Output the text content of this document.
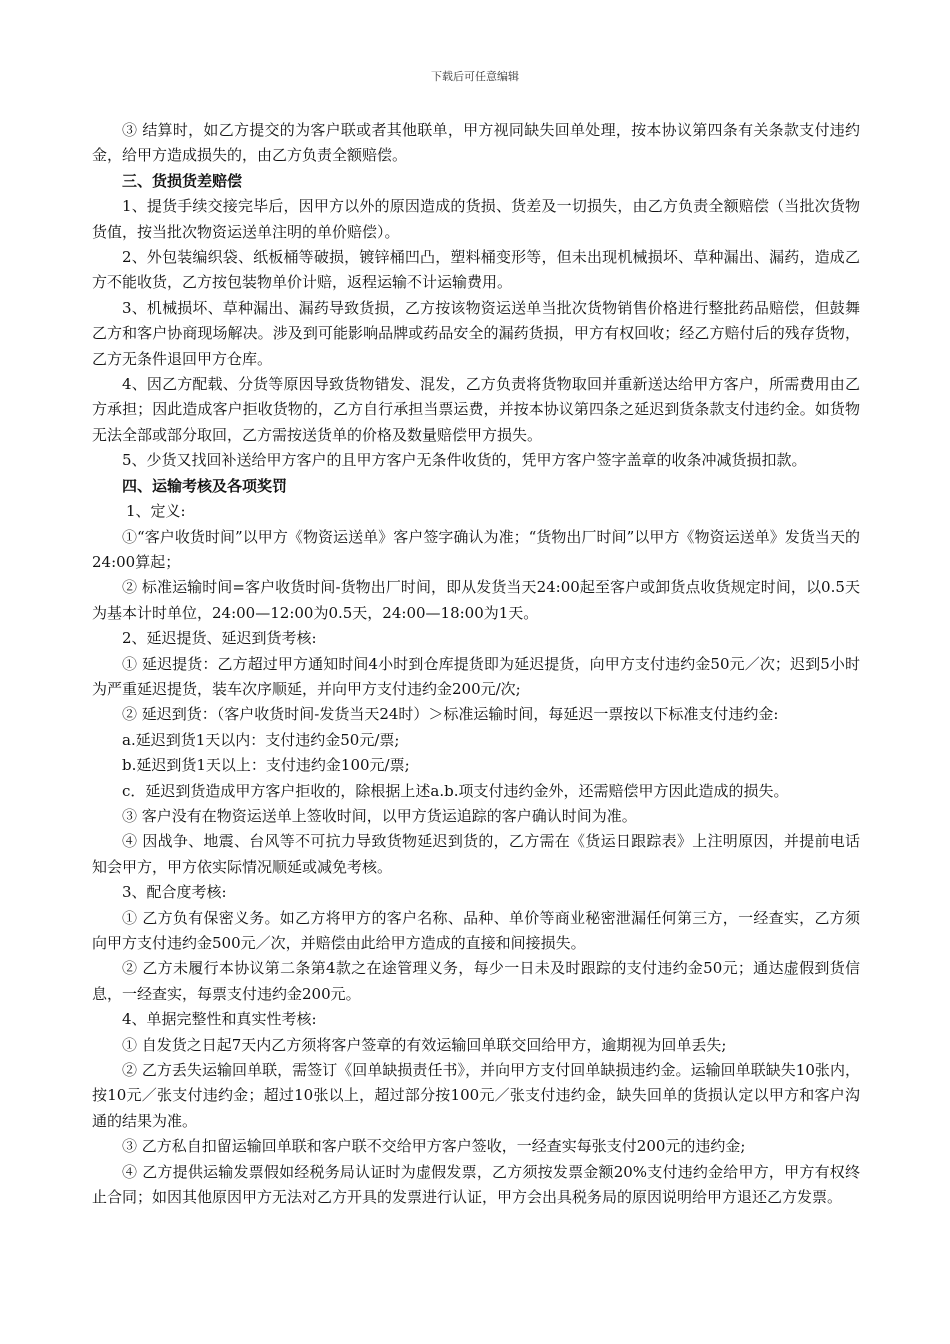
下载后可任意编辑

③ 结算时，如乙方提交的为客户联或者其他联单，甲方视同缺失回单处理，按本协议第四条有关条款支付违约金，给甲方造成损失的，由乙方负责全额赔偿。

三、货损货差赔偿

1、提货手续交接完毕后，因甲方以外的原因造成的货损、货差及一切损失，由乙方负责全额赔偿（当批次货物货值，按当批次物资运送单注明的单价赔偿）。

2、外包装编织袋、纸板桶等破损，镀锌桶凹凸，塑料桶变形等，但未出现机械损坏、草种漏出、漏药，造成乙方不能收货，乙方按包装物单价计赔，返程运输不计运输费用。

3、机械损坏、草种漏出、漏药导致货损，乙方按该物资运送单当批次货物销售价格进行整批药品赔偿，但鼓舞乙方和客户协商现场解决。涉及到可能影响品牌或药品安全的漏药货损，甲方有权回收；经乙方赔付后的残存货物，乙方无条件退回甲方仓库。

4、因乙方配载、分货等原因导致货物错发、混发，乙方负责将货物取回并重新送达给甲方客户，所需费用由乙方承担；因此造成客户拒收货物的，乙方自行承担当票运费，并按本协议第四条之延迟到货条款支付违约金。如货物无法全部或部分取回，乙方需按送货单的价格及数量赔偿甲方损失。

5、少货又找回补送给甲方客户的且甲方客户无条件收货的，凭甲方客户签字盖章的收条冲减货损扣款。

四、运输考核及各项奖罚

1、定义:

①“客户收货时间”以甲方《物资运送单》客户签字确认为准；“货物出厂时间”以甲方《物资运送单》发货当天的24:00算起；

② 标准运输时间=客户收货时间-货物出厂时间，即从发货当天24:00起至客户或卸货点收货规定时间，以0.5天为基本计时单位，24:00—12:00为0.5天，24:00—18:00为1天。

2、延迟提货、延迟到货考核:

① 延迟提货：乙方超过甲方通知时间4小时到仓库提货即为延迟提货，向甲方支付违约金50元／次；迟到5小时为严重延迟提货，装车次序顺延，并向甲方支付违约金200元/次;

② 延迟到货：（客户收货时间-发货当天24时）＞标准运输时间，每延迟一票按以下标准支付违约金:

a.延迟到货1天以内：支付违约金50元/票;

b.延迟到货1天以上：支付违约金100元/票;

c．延迟到货造成甲方客户拒收的，除根据上述a.b.项支付违约金外，还需赔偿甲方因此造成的损失。

③ 客户没有在物资运送单上签收时间，以甲方货运追踪的客户确认时间为准。

④ 因战争、地震、台风等不可抗力导致货物延迟到货的，乙方需在《货运日跟踪表》上注明原因，并提前电话知会甲方，甲方依实际情况顺延或减免考核。

3、配合度考核:

① 乙方负有保密义务。如乙方将甲方的客户名称、品种、单价等商业秘密泄漏任何第三方，一经查实，乙方须向甲方支付违约金500元／次，并赔偿由此给甲方造成的直接和间接损失。

② 乙方未履行本协议第二条第4款之在途管理义务，每少一日未及时跟踪的支付违约金50元；通达虚假到货信息，一经查实，每票支付违约金200元。

4、单据完整性和真实性考核:

① 自发货之日起7天内乙方须将客户签章的有效运输回单联交回给甲方，逾期视为回单丢失;

② 乙方丢失运输回单联，需签订《回单缺损责任书》，并向甲方支付回单缺损违约金。运输回单联缺失10张内，按10元／张支付违约金；超过10张以上，超过部分按100元／张支付违约金，缺失回单的货损认定以甲方和客户沟通的结果为准。

③ 乙方私自扣留运输回单联和客户联不交给甲方客户签收，一经查实每张支付200元的违约金;

④ 乙方提供运输发票假如经税务局认证时为虚假发票，乙方须按发票金额20%支付违约金给甲方，甲方有权终止合同；如因其他原因甲方无法对乙方开具的发票进行认证，甲方会出具税务局的原因说明给甲方退还乙方发票。
